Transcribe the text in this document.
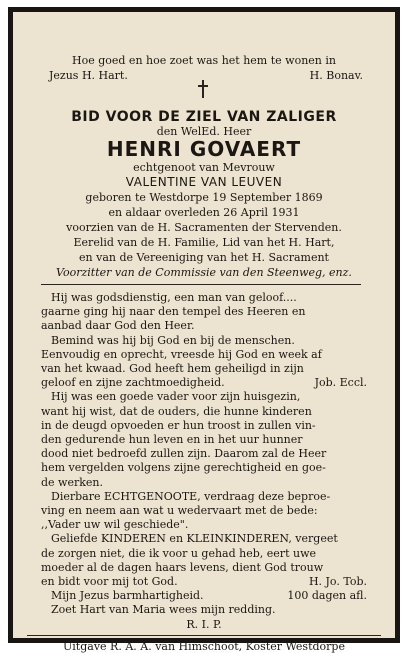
Hoe goed en hoe zoet was het hem te wonen in
Jezus H. Hart.	H. Bonav.
BID VOOR DE ZIEL VAN ZALIGER
den WelEd. Heer
HENRI GOVAERT
echtgenoot van Mevrouw
VALENTINE VAN LEUVEN
geboren te Westdorpe 19 September 1869
en aldaar overleden 26 April 1931
voorzien van de H. Sacramenten der Stervenden.
Eerelid van de H. Familie, Lid van het H. Hart,
en van de Vereeniging van het H. Sacrament
Voorzitter van de Commissie van den Steenweg, enz.
Hij was godsdienstig, een man van geloof....
gaarne ging hij naar den tempel des Heeren en
aanbad daar God den Heer.
Bemind was hij bij God en bij de menschen.
Eenvoudig en oprecht, vreesde hij God en week af
van het kwaad. God heeft hem geheiligd in zijn
geloof en zijne zachtmoedigheid.	Job. Eccl.
Hij was een goede vader voor zijn huisgezin,
want hij wist, dat de ouders, die hunne kinderen
in de deugd opvoeden er hun troost in zullen vin-
den gedurende hun leven en in het uur hunner
dood niet bedroefd zullen zijn. Daarom zal de Heer
hem vergelden volgens zijne gerechtigheid en goe-
de werken.
Dierbare ECHTGENOOTE, verdraag deze beproe-
ving en neem aan wat u wedervaart met de bede:
,,Vader uw wil geschiede".
Geliefde KINDEREN en KLEINKINDEREN, vergeet
de zorgen niet, die ik voor u gehad heb, eert uwe
moeder al de dagen haars levens, dient God trouw
en bidt voor mij tot God.	H. Jo. Tob.
Mijn Jezus barmhartigheid.	100 dagen afl.
Zoet Hart van Maria wees mijn redding.
R. I. P.
Uitgave R. A. A. van Himschoot, Koster Westdorpe
